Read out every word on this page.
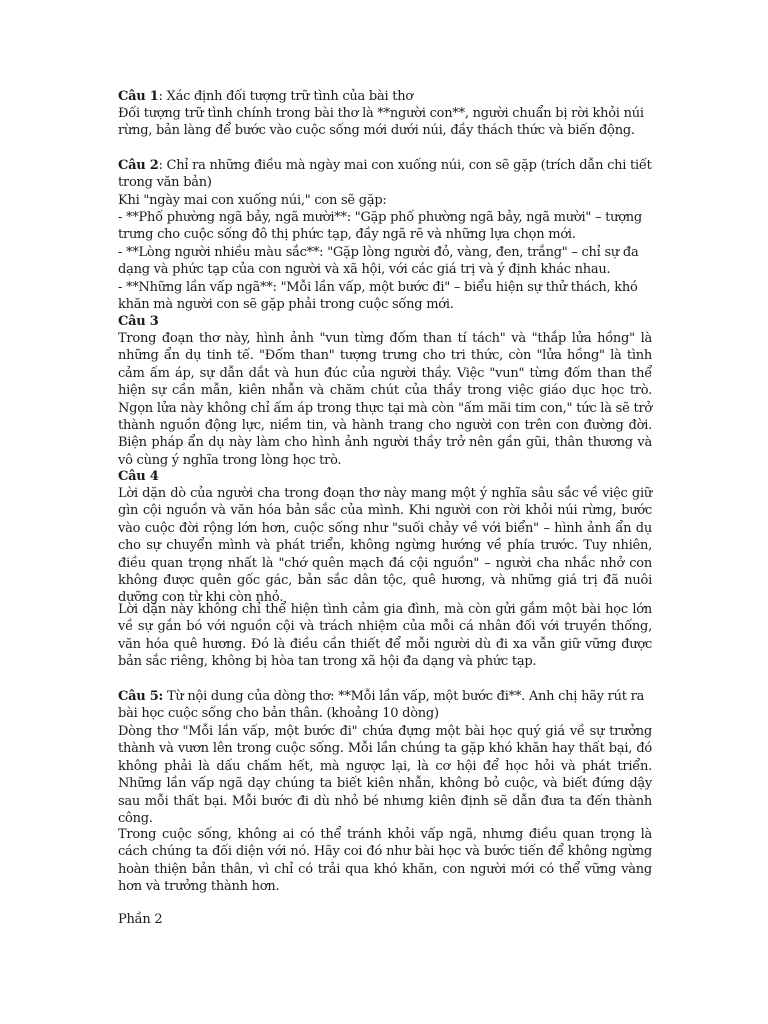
Câu 1: Xác định đối tượng trữ tình của bài thơ

Đối tượng trữ tình chính trong bài thơ là **người con**, người chuẩn bị rời khỏi núi rừng, bản làng để bước vào cuộc sống mới dưới núi, đầy thách thức và biến động.

Câu 2: Chỉ ra những điều mà ngày mai con xuống núi, con sẽ gặp (trích dẫn chi tiết trong văn bản)

Khi "ngày mai con xuống núi," con sẽ gặp:

- **Phố phường ngã bảy, ngã mười**: "Gặp phố phường ngã bảy, ngã mười" – tượng trưng cho cuộc sống đô thị phức tạp, đầy ngã rẽ và những lựa chọn mới.

- **Lòng người nhiều màu sắc**: "Gặp lòng người đỏ, vàng, đen, trắng" – chỉ sự đa dạng và phức tạp của con người và xã hội, với các giá trị và ý định khác nhau.

- **Những lần vấp ngã**: "Mỗi lần vấp, một bước đi" – biểu hiện sự thử thách, khó khăn mà người con sẽ gặp phải trong cuộc sống mới.

Câu 3

Trong đoạn thơ này, hình ảnh "vun từng đốm than tí tách" và "thắp lửa hồng" là những ẩn dụ tinh tế. "Đốm than" tượng trưng cho tri thức, còn "lửa hồng" là tình cảm ấm áp, sự dẫn dắt và hun đúc của người thầy. Việc "vun" từng đốm than thể hiện sự cần mẫn, kiên nhẫn và chăm chút của thầy trong việc giáo dục học trò. Ngọn lửa này không chỉ ấm áp trong thực tại mà còn "ấm mãi tim con," tức là sẽ trở thành nguồn động lực, niềm tin, và hành trang cho người con trên con đường đời. Biện pháp ẩn dụ này làm cho hình ảnh người thầy trở nên gần gũi, thân thương và vô cùng ý nghĩa trong lòng học trò.

Câu 4

Lời dặn dò của người cha trong đoạn thơ này mang một ý nghĩa sâu sắc về việc giữ gìn cội nguồn và văn hóa bản sắc của mình. Khi người con rời khỏi núi rừng, bước vào cuộc đời rộng lớn hơn, cuộc sống như "suối chảy về với biển" – hình ảnh ẩn dụ cho sự chuyển mình và phát triển, không ngừng hướng về phía trước. Tuy nhiên, điều quan trọng nhất là "chớ quên mạch đá cội nguồn" – người cha nhắc nhở con không được quên gốc gác, bản sắc dân tộc, quê hương, và những giá trị đã nuôi dưỡng con từ khi còn nhỏ.

Lời dặn này không chỉ thể hiện tình cảm gia đình, mà còn gửi gắm một bài học lớn về sự gắn bó với nguồn cội và trách nhiệm của mỗi cá nhân đối với truyền thống, văn hóa quê hương. Đó là điều cần thiết để mỗi người dù đi xa vẫn giữ vững được bản sắc riêng, không bị hòa tan trong xã hội đa dạng và phức tạp.

Câu 5: Từ nội dung của dòng thơ: **Mỗi lần vấp, một bước đi**. Anh chị hãy rút ra bài học cuộc sống cho bản thân. (khoảng 10 dòng)

Dòng thơ "Mỗi lần vấp, một bước đi" chứa đựng một bài học quý giá về sự trưởng thành và vươn lên trong cuộc sống. Mỗi lần chúng ta gặp khó khăn hay thất bại, đó không phải là dấu chấm hết, mà ngược lại, là cơ hội để học hỏi và phát triển. Những lần vấp ngã dạy chúng ta biết kiên nhẫn, không bỏ cuộc, và biết đứng dậy sau mỗi thất bại. Mỗi bước đi dù nhỏ bé nhưng kiên định sẽ dẫn đưa ta đến thành công.

Trong cuộc sống, không ai có thể tránh khỏi vấp ngã, nhưng điều quan trọng là cách chúng ta đối diện với nó. Hãy coi đó như bài học và bước tiến để không ngừng hoàn thiện bản thân, vì chỉ có trải qua khó khăn, con người mới có thể vững vàng hơn và trưởng thành hơn.

Phần 2
